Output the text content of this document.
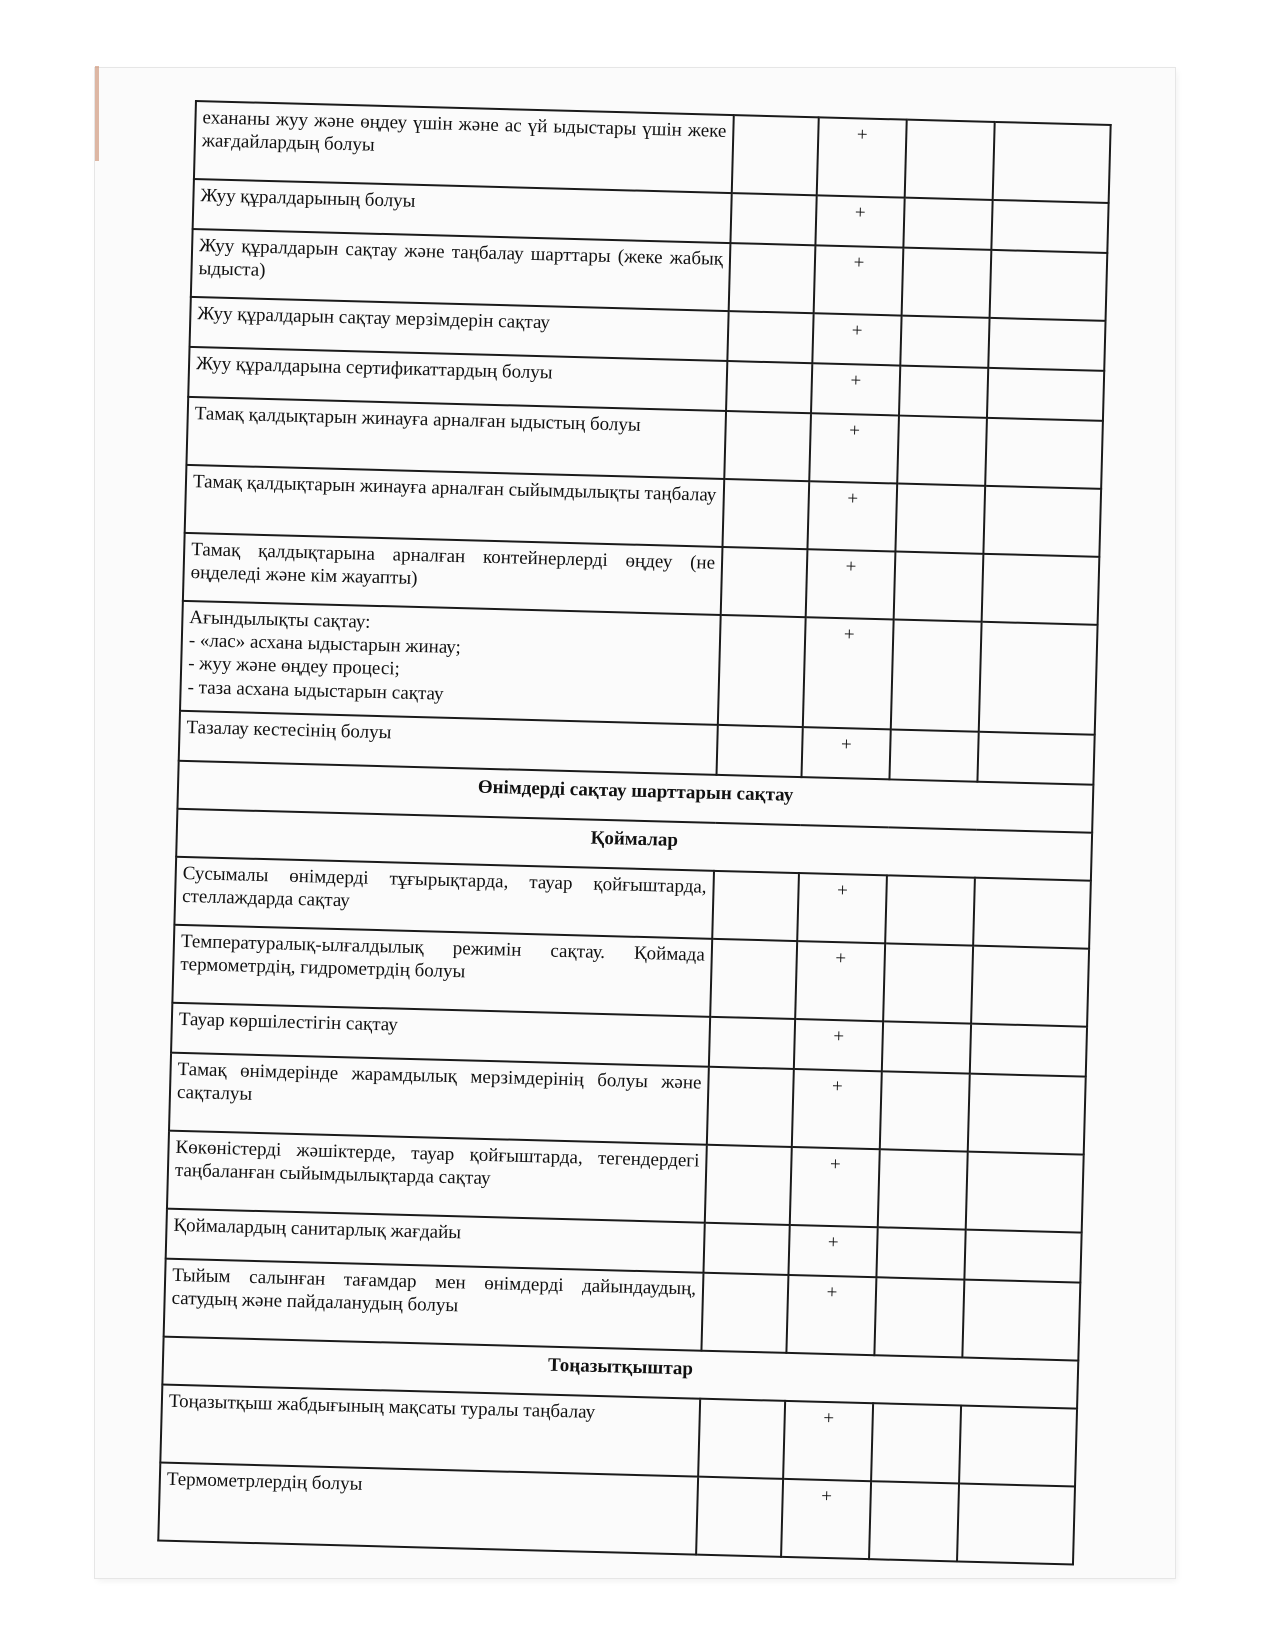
ехананы жуу және өңдеу үшін және ас үй ыдыстары үшін жеке жағдайлардың болуы		+		
Жуу құралдарының болуы		+		
Жуу құралдарын сақтау және таңбалау шарттары (жеке жабық ыдыста)		+		
Жуу құралдарын сақтау мерзімдерін сақтау		+		
Жуу құралдарына сертификаттардың болуы		+		
Тамақ қалдықтарын жинауға арналған ыдыстың болуы		+		
Тамақ қалдықтарын жинауға арналған сыйымдылықты таңбалау		+		
Тамақ қалдықтарына арналған контейнерлерді өңдеу (не өңделеді және кім жауапты)		+		
Ағындылықты сақтау:
- «лас» асхана ыдыстарын жинау;
- жуу және өңдеу процесі;
- таза асхана ыдыстарын сақтау		+		
Тазалау кестесінің болуы		+		
Өнімдерді сақтау шарттарын сақтау				
Қоймалар				
Сусымалы өнімдерді тұғырықтарда, тауар қойғыштарда, стеллаждарда сақтау		+		
Температуралық-ылғалдылық режимін сақтау. Қоймада термометрдің, гидрометрдің болуы		+		
Тауар көршілестігін сақтау		+		
Тамақ өнімдерінде жарамдылық мерзімдерінің болуы және сақталуы		+		
Көкөністерді жәшіктерде, тауар қойғыштарда, тегендердегі таңбаланған сыйымдылықтарда сақтау		+		
Қоймалардың санитарлық жағдайы		+		
Тыйым салынған тағамдар мен өнімдерді дайындаудың, сатудың және пайдаланудың болуы		+		
Тоңазытқыштар				
Тоңазытқыш жабдығының мақсаты туралы таңбалау		+		
Термометрлердің болуы		+		
